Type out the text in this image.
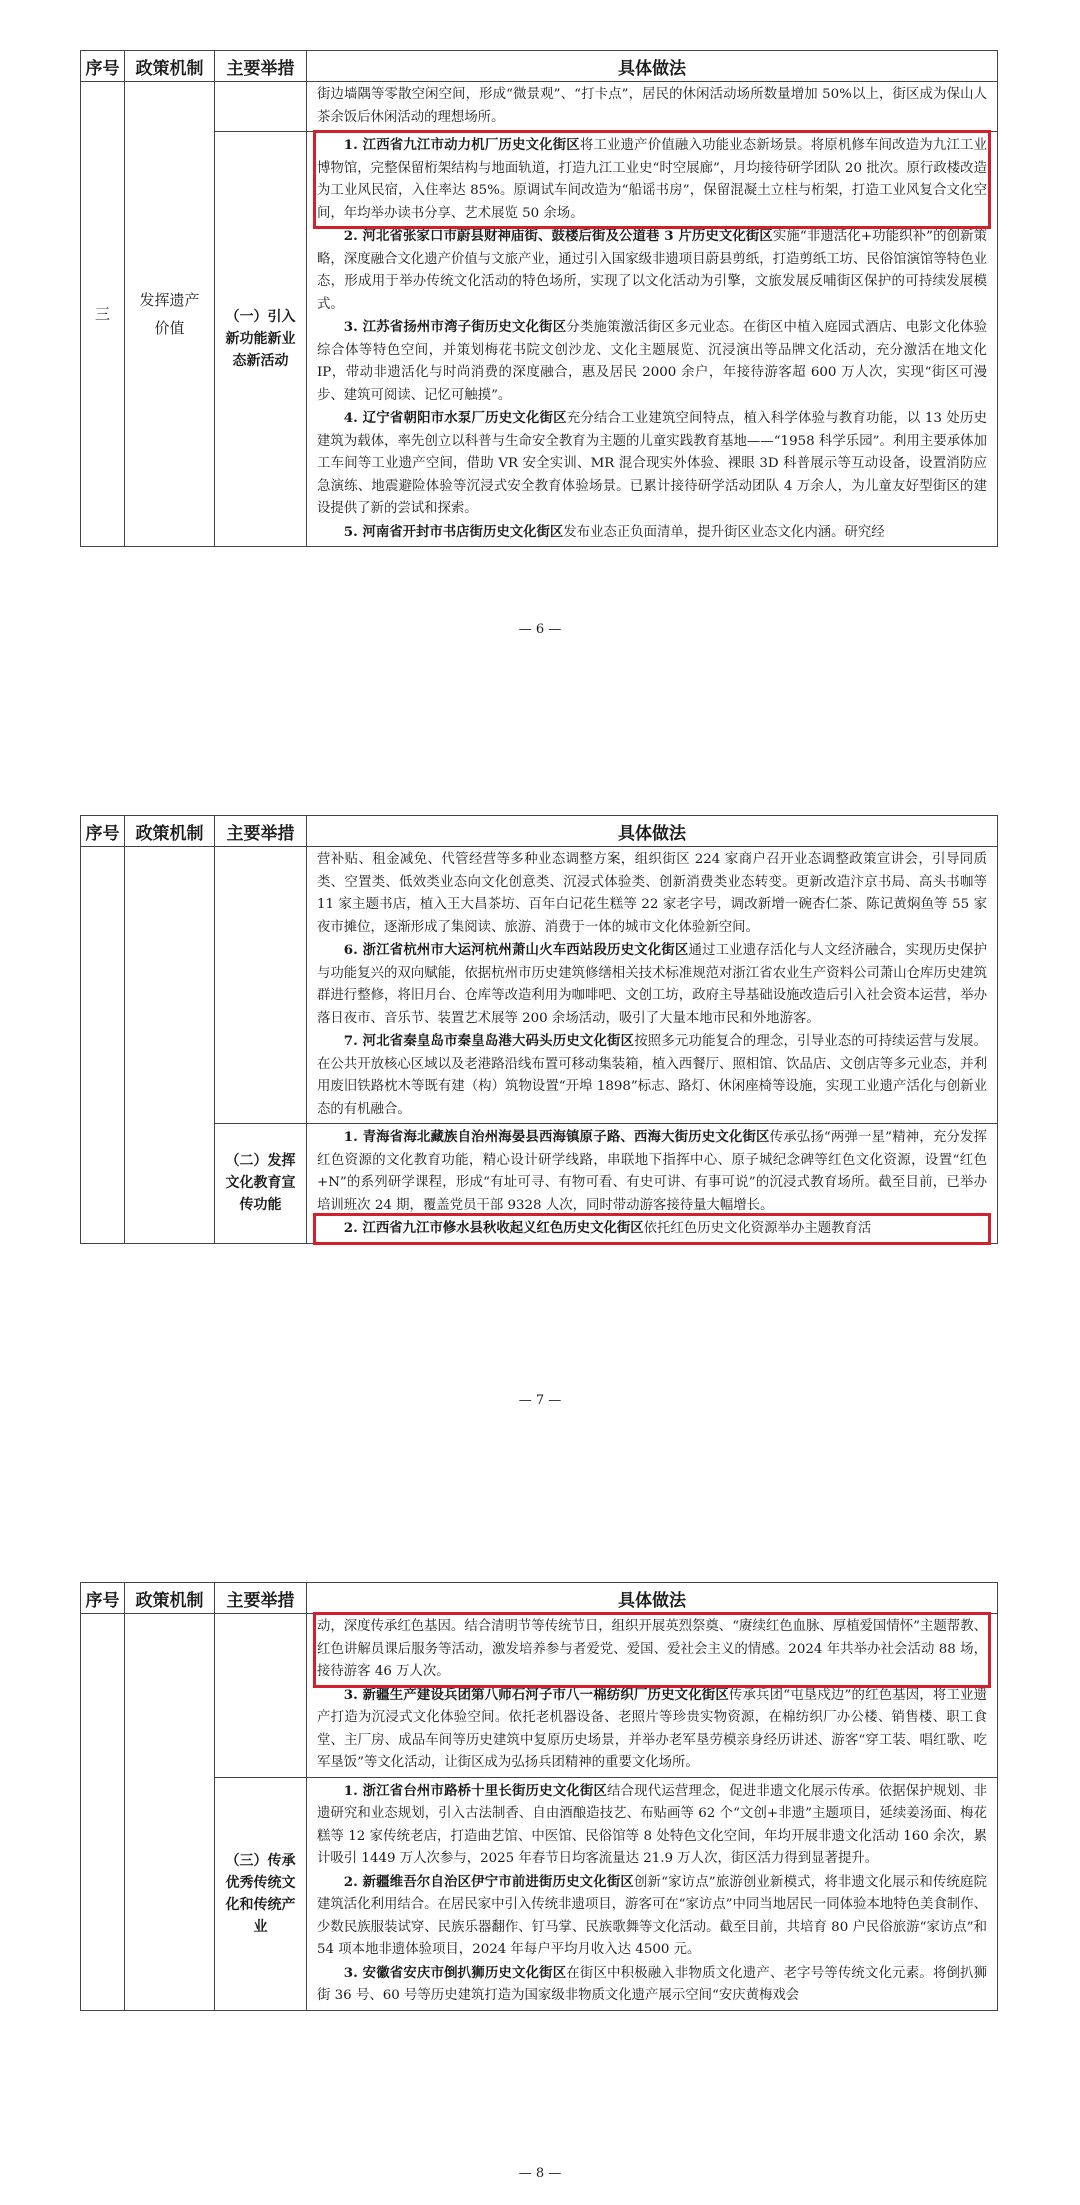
序号	政策机制	主要举措	具体做法
三	发挥遗产价值		街边墙隅等零散空闲空间，形成“微景观”、“打卡点”，居民的休闲活动场所数量增加 50%以上，街区成为保山人茶余饭后休闲活动的理想场所。

		（一）引入新功能新业态新活动	1. 江西省九江市动力机厂历史文化街区将工业遗产价值融入功能业态新场景。将原机修车间改造为九江工业博物馆，完整保留桁架结构与地面轨道，打造九江工业史“时空展廊”，月均接待研学团队 20 批次。原行政楼改造为工业风民宿，入住率达 85%。原调试车间改造为“船谣书房”，保留混凝土立柱与桁架，打造工业风复合文化空间，年均举办读书分享、艺术展览 50 余场。

2. 河北省张家口市蔚县财神庙街、鼓楼后街及公道巷 3 片历史文化街区实施“非遗活化+功能织补”的创新策略，深度融合文化遗产价值与文旅产业，通过引入国家级非遗项目蔚县剪纸，打造剪纸工坊、民俗馆演馆等特色业态，形成用于举办传统文化活动的特色场所，实现了以文化活动为引擎，文旅发展反哺街区保护的可持续发展模式。

3. 江苏省扬州市湾子街历史文化街区分类施策激活街区多元业态。在街区中植入庭园式酒店、电影文化体验综合体等特色空间，并策划梅花书院文创沙龙、文化主题展览、沉浸演出等品牌文化活动，充分激活在地文化 IP，带动非遗活化与时尚消费的深度融合，惠及居民 2000 余户，年接待游客超 600 万人次，实现“街区可漫步、建筑可阅读、记忆可触摸”。

4. 辽宁省朝阳市水泵厂历史文化街区充分结合工业建筑空间特点，植入科学体验与教育功能，以 13 处历史建筑为载体，率先创立以科普与生命安全教育为主题的儿童实践教育基地——“1958 科学乐园”。利用主要承体加工车间等工业遗产空间，借助 VR 安全实训、MR 混合现实外体验、裸眼 3D 科普展示等互动设备，设置消防应急演练、地震避险体验等沉浸式安全教育体验场景。已累计接待研学活动团队 4 万余人，为儿童友好型街区的建设提供了新的尝试和探索。

5. 河南省开封市书店街历史文化街区发布业态正负面清单，提升街区业态文化内涵。研究经

— 6 —
序号	政策机制	主要举措	具体做法

			营补贴、租金减免、代管经营等多种业态调整方案，组织街区 224 家商户召开业态调整政策宣讲会，引导同质类、空置类、低效类业态向文化创意类、沉浸式体验类、创新消费类业态转变。更新改造汴京书局、高头书咖等 11 家主题书店，植入王大昌茶坊、百年白记花生糕等 22 家老字号，调改新增一碗杏仁茶、陈记黄焖鱼等 55 家夜市摊位，逐渐形成了集阅读、旅游、消费于一体的城市文化体验新空间。

6. 浙江省杭州市大运河杭州萧山火车西站段历史文化街区通过工业遗存活化与人文经济融合，实现历史保护与功能复兴的双向赋能，依据杭州市历史建筑修缮相关技术标准规范对浙江省农业生产资料公司萧山仓库历史建筑群进行整修，将旧月台、仓库等改造利用为咖啡吧、文创工坊，政府主导基础设施改造后引入社会资本运营，举办落日夜市、音乐节、装置艺术展等 200 余场活动，吸引了大量本地市民和外地游客。

7. 河北省秦皇岛市秦皇岛港大码头历史文化街区按照多元功能复合的理念，引导业态的可持续运营与发展。在公共开放核心区域以及老港路沿线布置可移动集装箱，植入西餐厅、照相馆、饮品店、文创店等多元业态，并利用废旧铁路枕木等既有建（构）筑物设置“开埠 1898”标志、路灯、休闲座椅等设施，实现工业遗产活化与创新业态的有机融合。

		（二）发挥文化教育宣传功能	1. 青海省海北藏族自治州海晏县西海镇原子路、西海大街历史文化街区传承弘扬“两弹一星”精神，充分发挥红色资源的文化教育功能，精心设计研学线路，串联地下指挥中心、原子城纪念碑等红色文化资源，设置“红色+N”的系列研学课程，形成“有址可寻、有物可看、有史可讲、有事可说”的沉浸式教育场所。截至目前，已举办培训班次 24 期，覆盖党员干部 9328 人次，同时带动游客接待量大幅增长。

2. 江西省九江市修水县秋收起义红色历史文化街区依托红色历史文化资源举办主题教育活

— 7 —
序号	政策机制	主要举措	具体做法

			动，深度传承红色基因。结合清明节等传统节日，组织开展英烈祭奠、“赓续红色血脉、厚植爱国情怀”主题帮教、红色讲解员课后服务等活动，激发培养参与者爱党、爱国、爱社会主义的情感。2024 年共举办社会活动 88 场，接待游客 46 万人次。

3. 新疆生产建设兵团第八师石河子市八一棉纺织厂历史文化街区传承兵团“屯垦戍边”的红色基因，将工业遗产打造为沉浸式文化体验空间。依托老机器设备、老照片等珍贵实物资源，在棉纺织厂办公楼、销售楼、职工食堂、主厂房、成品车间等历史建筑中复原历史场景，并举办老军垦劳模亲身经历讲述、游客“穿工装、唱红歌、吃军垦饭”等文化活动，让街区成为弘扬兵团精神的重要文化场所。

		（三）传承优秀传统文化和传统产业	1. 浙江省台州市路桥十里长街历史文化街区结合现代运营理念，促进非遗文化展示传承。依据保护规划、非遗研究和业态规划，引入古法制香、自由酒酿造技艺、布贴画等 62 个“文创+非遗”主题项目，延续姜汤面、梅花糕等 12 家传统老店，打造曲艺馆、中医馆、民俗馆等 8 处特色文化空间，年均开展非遗文化活动 160 余次，累计吸引 1449 万人次参与，2025 年春节日均客流量达 21.9 万人次，街区活力得到显著提升。

2. 新疆维吾尔自治区伊宁市前进街历史文化街区创新“家访点”旅游创业新模式，将非遗文化展示和传统庭院建筑活化利用结合。在居民家中引入传统非遗项目，游客可在“家访点”中同当地居民一同体验本地特色美食制作、少数民族服装试穿、民族乐器翻作、钉马掌、民族歌舞等文化活动。截至目前，共培育 80 户民俗旅游“家访点”和 54 项本地非遗体验项目，2024 年每户平均月收入达 4500 元。

3. 安徽省安庆市倒扒狮历史文化街区在街区中积极融入非物质文化遗产、老字号等传统文化元素。将倒扒狮街 36 号、60 号等历史建筑打造为国家级非物质文化遗产展示空间“安庆黄梅戏会

— 8 —
